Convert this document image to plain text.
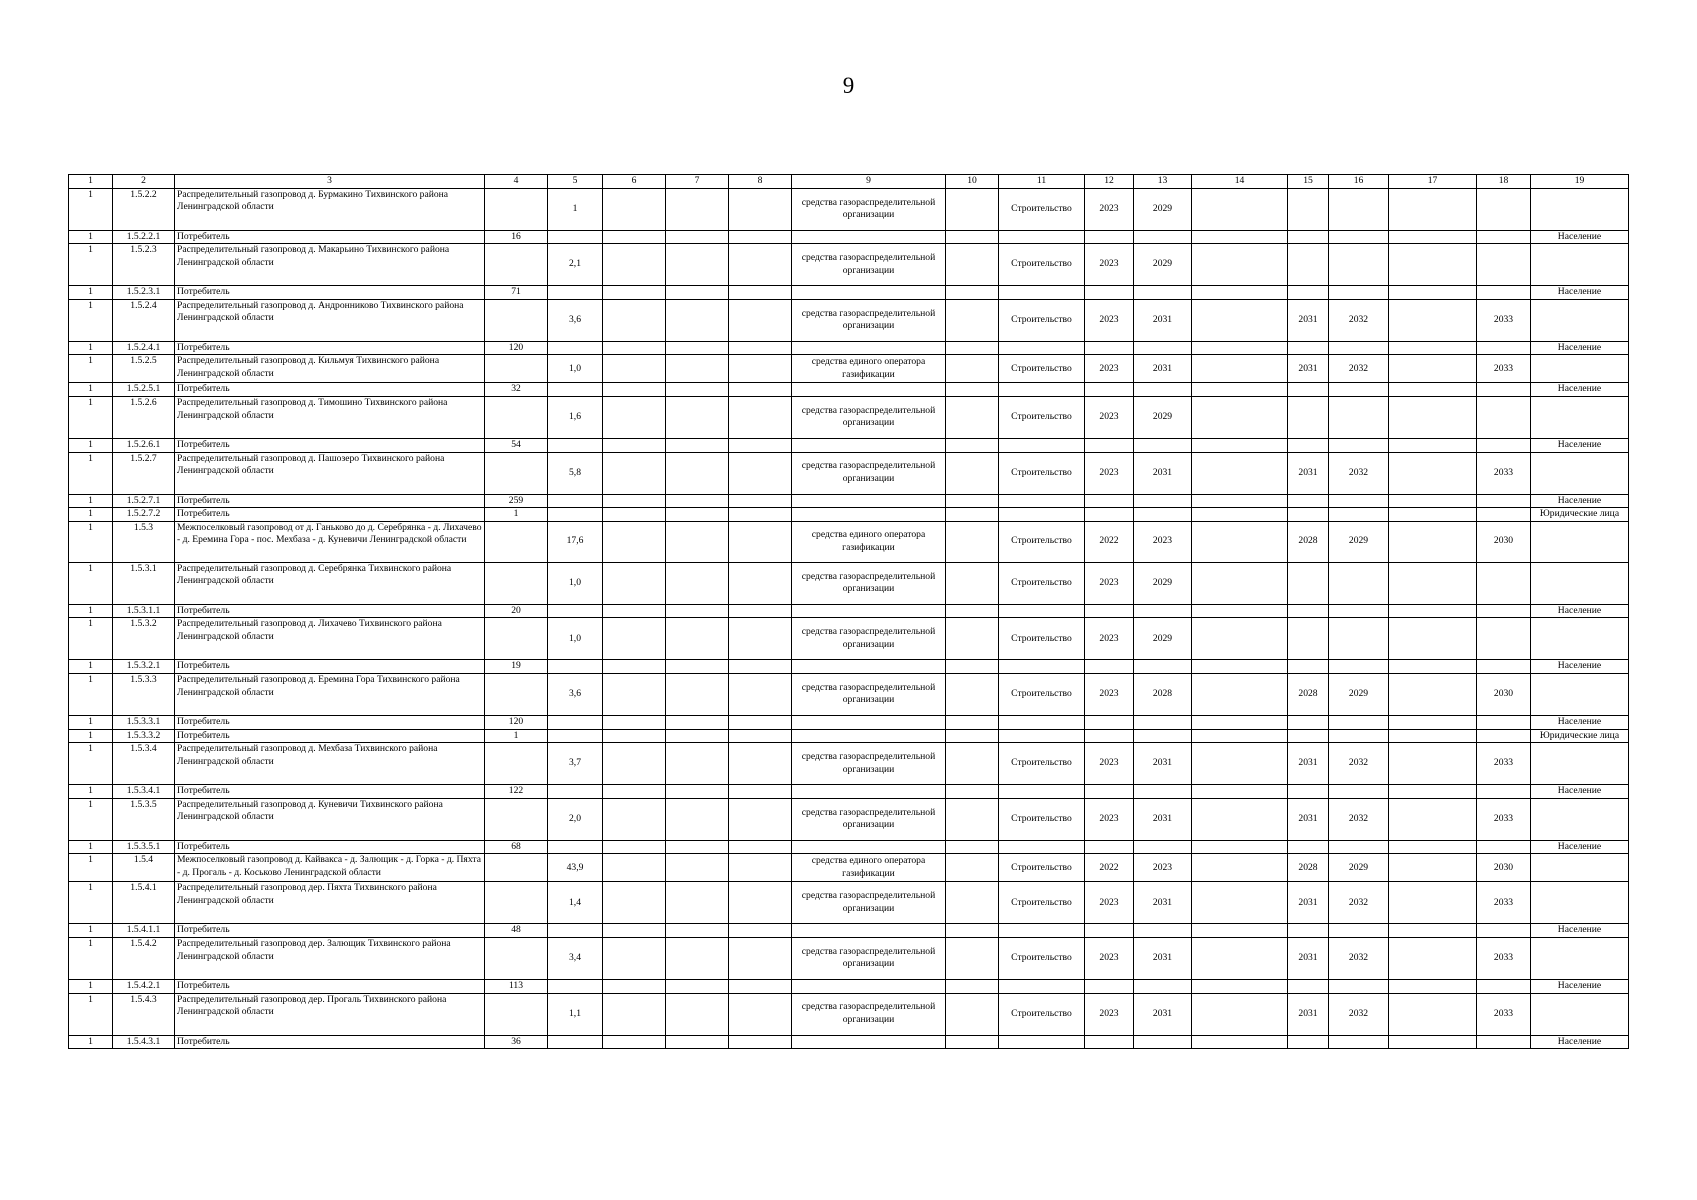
9
1	2	3	4	5	6	7	8	9	10	11	12	13	14	15	16	17	18	19
1	1.5.2.2	Распределительный газопровод д. Бурмакино Тихвинского района Ленинградской области		1				средства газораспределительной организации		Строительство	2023	2029						
1	1.5.2.2.1	Потребитель	16															Население
1	1.5.2.3	Распределительный газопровод д. Макарьино Тихвинского района Ленинградской области		2,1				средства газораспределительной организации		Строительство	2023	2029						
1	1.5.2.3.1	Потребитель	71															Население
1	1.5.2.4	Распределительный газопровод д. Андронниково Тихвинского района Ленинградской области		3,6				средства газораспределительной организации		Строительство	2023	2031		2031	2032		2033	
1	1.5.2.4.1	Потребитель	120															Население
1	1.5.2.5	Распределительный газопровод д. Кильмуя Тихвинского района Ленинградской области		1,0				средства единого оператора газификации		Строительство	2023	2031		2031	2032		2033	
1	1.5.2.5.1	Потребитель	32															Население
1	1.5.2.6	Распределительный газопровод д. Тимошино Тихвинского района Ленинградской области		1,6				средства газораспределительной организации		Строительство	2023	2029						
1	1.5.2.6.1	Потребитель	54															Население
1	1.5.2.7	Распределительный газопровод д. Пашозеро Тихвинского района Ленинградской области		5,8				средства газораспределительной организации		Строительство	2023	2031		2031	2032		2033	
1	1.5.2.7.1	Потребитель	259															Население
1	1.5.2.7.2	Потребитель	1															Юридические лица
1	1.5.3	Межпоселковый газопровод от д. Ганьково до д. Серебрянка - д. Лихачево - д. Еремина Гора - пос. Мехбаза - д. Куневичи Ленинградской области		17,6				средства единого оператора газификации		Строительство	2022	2023		2028	2029		2030	
1	1.5.3.1	Распределительный газопровод д. Серебрянка Тихвинского района Ленинградской области		1,0				средства газораспределительной организации		Строительство	2023	2029						
1	1.5.3.1.1	Потребитель	20															Население
1	1.5.3.2	Распределительный газопровод д. Лихачево Тихвинского района Ленинградской области		1,0				средства газораспределительной организации		Строительство	2023	2029						
1	1.5.3.2.1	Потребитель	19															Население
1	1.5.3.3	Распределительный газопровод д. Еремина Гора Тихвинского района Ленинградской области		3,6				средства газораспределительной организации		Строительство	2023	2028		2028	2029		2030	
1	1.5.3.3.1	Потребитель	120															Население
1	1.5.3.3.2	Потребитель	1															Юридические лица
1	1.5.3.4	Распределительный газопровод д. Мехбаза Тихвинского района Ленинградской области		3,7				средства газораспределительной организации		Строительство	2023	2031		2031	2032		2033	
1	1.5.3.4.1	Потребитель	122															Население
1	1.5.3.5	Распределительный газопровод д. Куневичи Тихвинского района Ленинградской области		2,0				средства газораспределительной организации		Строительство	2023	2031		2031	2032		2033	
1	1.5.3.5.1	Потребитель	68															Население
1	1.5.4	Межпоселковый газопровод д. Кайвакса - д. Залющик - д. Горка - д. Пяхта - д. Прогаль - д. Коськово Ленинградской области		43,9				средства единого оператора газификации		Строительство	2022	2023		2028	2029		2030	
1	1.5.4.1	Распределительный газопровод дер. Пяхта Тихвинского района Ленинградской области		1,4				средства газораспределительной организации		Строительство	2023	2031		2031	2032		2033	
1	1.5.4.1.1	Потребитель	48															Население
1	1.5.4.2	Распределительный газопровод дер. Залющик Тихвинского района Ленинградской области		3,4				средства газораспределительной организации		Строительство	2023	2031		2031	2032		2033	
1	1.5.4.2.1	Потребитель	113															Население
1	1.5.4.3	Распределительный газопровод дер. Прогаль Тихвинского района Ленинградской области		1,1				средства газораспределительной организации		Строительство	2023	2031		2031	2032		2033	
1	1.5.4.3.1	Потребитель	36															Население
